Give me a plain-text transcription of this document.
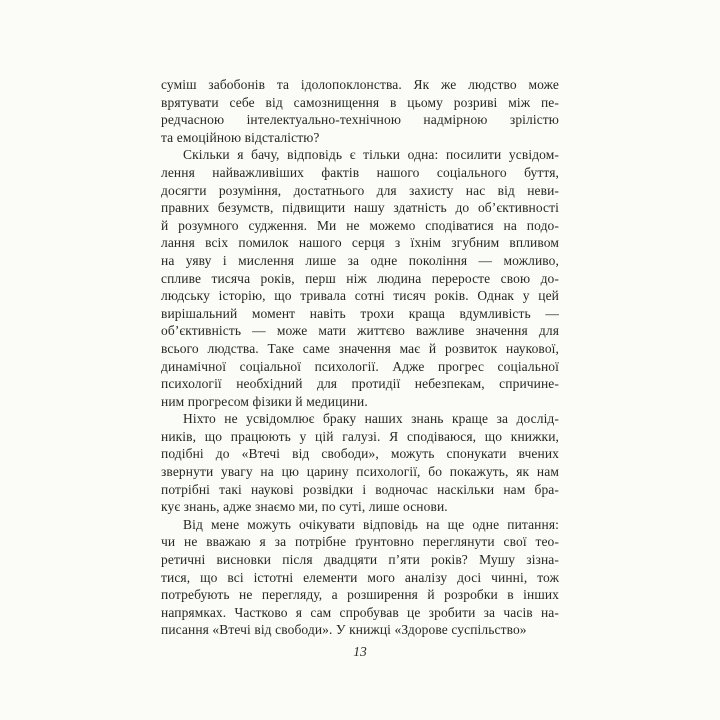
суміш забобонів та ідолопоклонства. Як же людство може
врятувати себе від самознищення в цьому розриві між пе-
редчасною інтелектуально-технічною надмірною зрілістю
та емоційною відсталістю?
Скільки я бачу, відповідь є тільки одна: посилити усвідом-
лення найважливіших фактів нашого соціального буття,
досягти розуміння, достатнього для захисту нас від неви-
правних безумств, підвищити нашу здатність до об’єктивності
й розумного судження. Ми не можемо сподіватися на подо-
лання всіх помилок нашого серця з їхнім згубним впливом
на уяву і мислення лише за одне покоління — можливо,
спливе тисяча років, перш ніж людина переросте свою до-
людську історію, що тривала сотні тисяч років. Однак у цей
вирішальний момент навіть трохи краща вдумливість —
об’єктивність — може мати життєво важливе значення для
всього людства. Таке саме значення має й розвиток наукової,
динамічної соціальної психології. Адже прогрес соціальної
психології необхідний для протидії небезпекам, спричине-
ним прогресом фізики й медицини.
Ніхто не усвідомлює браку наших знань краще за дослід-
ників, що працюють у цій галузі. Я сподіваюся, що книжки,
подібні до «Втечі від свободи», можуть спонукати вчених
звернути увагу на цю царину психології, бо покажуть, як нам
потрібні такі наукові розвідки і водночас наскільки нам бра-
кує знань, адже знаємо ми, по суті, лише основи.
Від мене можуть очікувати відповідь на ще одне питання:
чи не вважаю я за потрібне ґрунтовно переглянути свої тео-
ретичні висновки після двадцяти п’яти років? Мушу зізна-
тися, що всі істотні елементи мого аналізу досі чинні, тож
потребують не перегляду, а розширення й розробки в інших
напрямках. Частково я сам спробував це зробити за часів на-
писання «Втечі від свободи». У книжці «Здорове суспільство»
13
